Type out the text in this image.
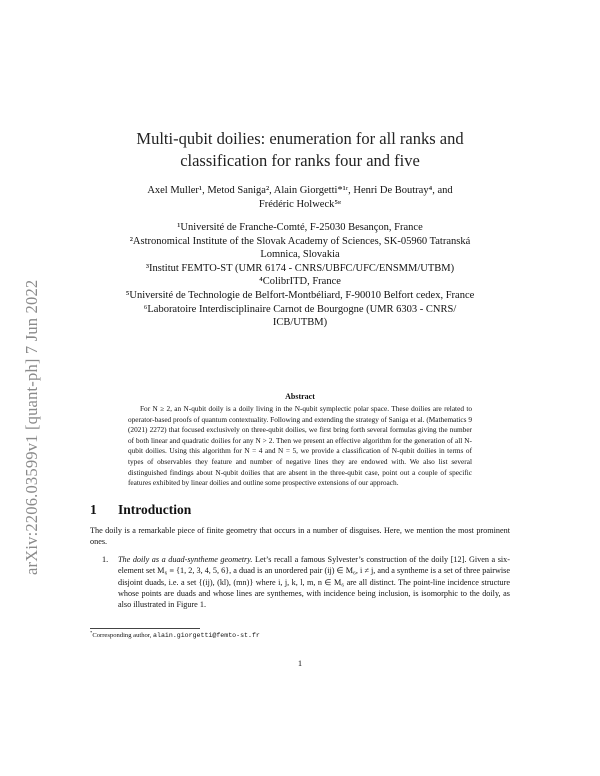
arXiv:2206.03599v1 [quant-ph] 7 Jun 2022
Multi-qubit doilies: enumeration for all ranks and
classification for ranks four and five
Axel Muller¹, Metod Saniga², Alain Giorgetti*¹ʳ, Henri De Boutray⁴, and
Frédéric Holweck⁵ʶ
¹Université de Franche-Comté, F-25030 Besançon, France
²Astronomical Institute of the Slovak Academy of Sciences, SK-05960 Tatranská
Lomnica, Slovakia
³Institut FEMTO-ST (UMR 6174 - CNRS/UBFC/UFC/ENSMM/UTBM)
⁴ColibrITD, France
⁵Université de Technologie de Belfort-Montbéliard, F-90010 Belfort cedex, France
⁶Laboratoire Interdisciplinaire Carnot de Bourgogne (UMR 6303 - CNRS/
ICB/UTBM)
Abstract

For N ≥ 2, an N-qubit doily is a doily living in the N-qubit symplectic polar space. These doilies are related to operator-based proofs of quantum contextuality. Following and extending the strategy of Saniga et al. (Mathematics 9 (2021) 2272) that focused exclusively on three-qubit doilies, we first bring forth several formulas giving the number of both linear and quadratic doilies for any N > 2. Then we present an effective algorithm for the generation of all N-qubit doilies. Using this algorithm for N = 4 and N = 5, we provide a classification of N-qubit doilies in terms of types of observables they feature and number of negative lines they are endowed with. We also list several distinguished findings about N-qubit doilies that are absent in the three-qubit case, point out a couple of specific features exhibited by linear doilies and outline some prospective extensions of our approach.

1 Introduction

The doily is a remarkable piece of finite geometry that occurs in a number of disguises. Here, we mention the most prominent ones.

1. The doily as a duad-syntheme geometry. Let’s recall a famous Sylvester’s construction of the doily [12]. Given a six-element set M₆ ≡ {1, 2, 3, 4, 5, 6}, a duad is an unordered pair (ij) ∈ M₆, i ≠ j, and a syntheme is a set of three pairwise disjoint duads, i.e. a set {(ij), (kl), (mn)} where i, j, k, l, m, n ∈ M₆ are all distinct. The point-line incidence structure whose points are duads and whose lines are synthemes, with incidence being inclusion, is isomorphic to the doily, as also illustrated in Figure 1.
*Corresponding author, alain.giorgetti@femto-st.fr
1
